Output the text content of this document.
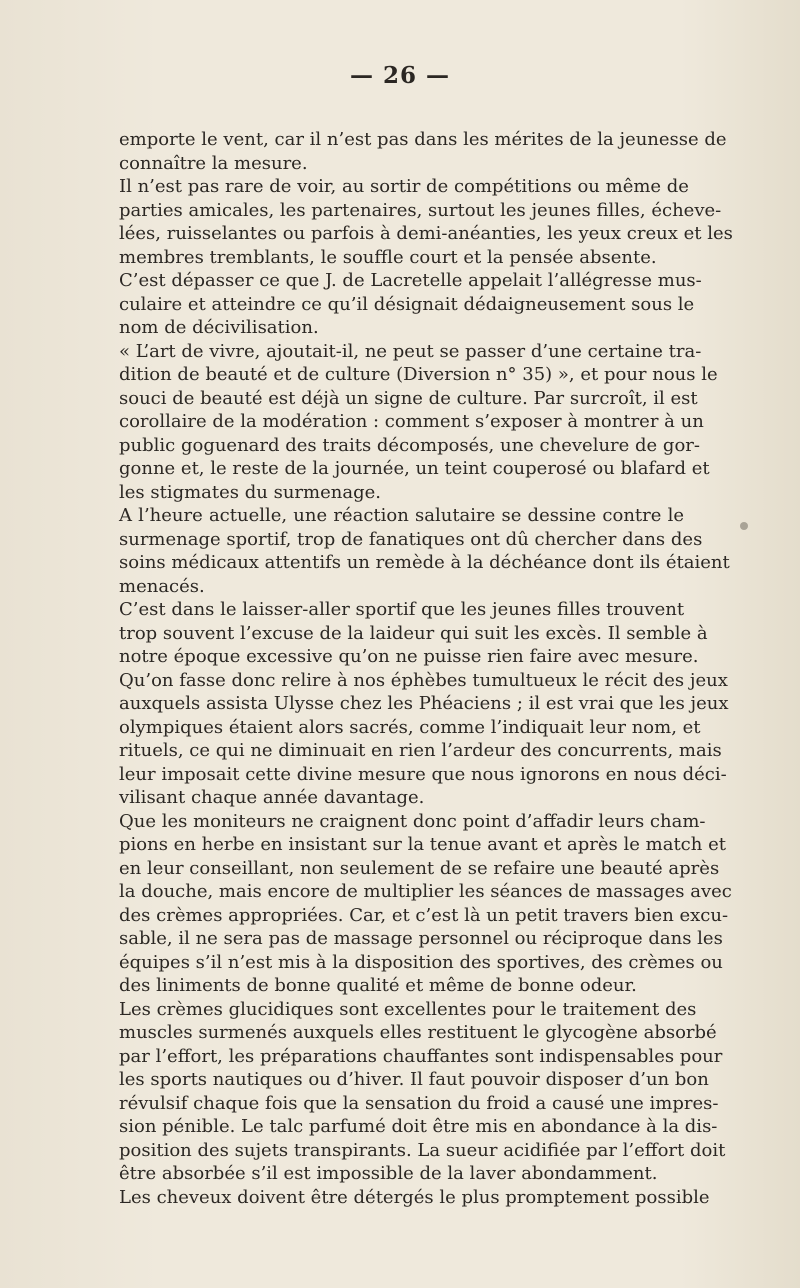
— 26 —

emporte le vent, car il n’est pas dans les mérites de la jeunesse de
connaître la mesure.

Il n’est pas rare de voir, au sortir de compétitions ou même de
parties amicales, les partenaires, surtout les jeunes filles, écheve-
lées, ruisselantes ou parfois à demi-anéanties, les yeux creux et les
membres tremblants, le souffle court et la pensée absente.

C’est dépasser ce que J. de Lacretelle appelait l’allégresse mus-
culaire et atteindre ce qu’il désignait dédaigneusement sous le
nom de décivilisation.

« L’art de vivre, ajoutait-il, ne peut se passer d’une certaine tra-
dition de beauté et de culture (Diversion n° 35) », et pour nous le
souci de beauté est déjà un signe de culture. Par surcroît, il est
corollaire de la modération : comment s’exposer à montrer à un
public goguenard des traits décomposés, une chevelure de gor-
gonne et, le reste de la journée, un teint couperosé ou blafard et
les stigmates du surmenage.

A l’heure actuelle, une réaction salutaire se dessine contre le
surmenage sportif, trop de fanatiques ont dû chercher dans des
soins médicaux attentifs un remède à la déchéance dont ils étaient
menacés.

C’est dans le laisser-aller sportif que les jeunes filles trouvent
trop souvent l’excuse de la laideur qui suit les excès. Il semble à
notre époque excessive qu’on ne puisse rien faire avec mesure.
Qu’on fasse donc relire à nos éphèbes tumultueux le récit des jeux
auxquels assista Ulysse chez les Phéaciens ; il est vrai que les jeux
olympiques étaient alors sacrés, comme l’indiquait leur nom, et
rituels, ce qui ne diminuait en rien l’ardeur des concurrents, mais
leur imposait cette divine mesure que nous ignorons en nous déci-
vilisant chaque année davantage.

Que les moniteurs ne craignent donc point d’affadir leurs cham-
pions en herbe en insistant sur la tenue avant et après le match et
en leur conseillant, non seulement de se refaire une beauté après
la douche, mais encore de multiplier les séances de massages avec
des crèmes appropriées. Car, et c’est là un petit travers bien excu-
sable, il ne sera pas de massage personnel ou réciproque dans les
équipes s’il n’est mis à la disposition des sportives, des crèmes ou
des liniments de bonne qualité et même de bonne odeur.

Les crèmes glucidiques sont excellentes pour le traitement des
muscles surmenés auxquels elles restituent le glycogène absorbé
par l’effort, les préparations chauffantes sont indispensables pour
les sports nautiques ou d’hiver. Il faut pouvoir disposer d’un bon
révulsif chaque fois que la sensation du froid a causé une impres-
sion pénible. Le talc parfumé doit être mis en abondance à la dis-
position des sujets transpirants. La sueur acidifiée par l’effort doit
être absorbée s’il est impossible de la laver abondamment.

Les cheveux doivent être détergés le plus promptement possible
